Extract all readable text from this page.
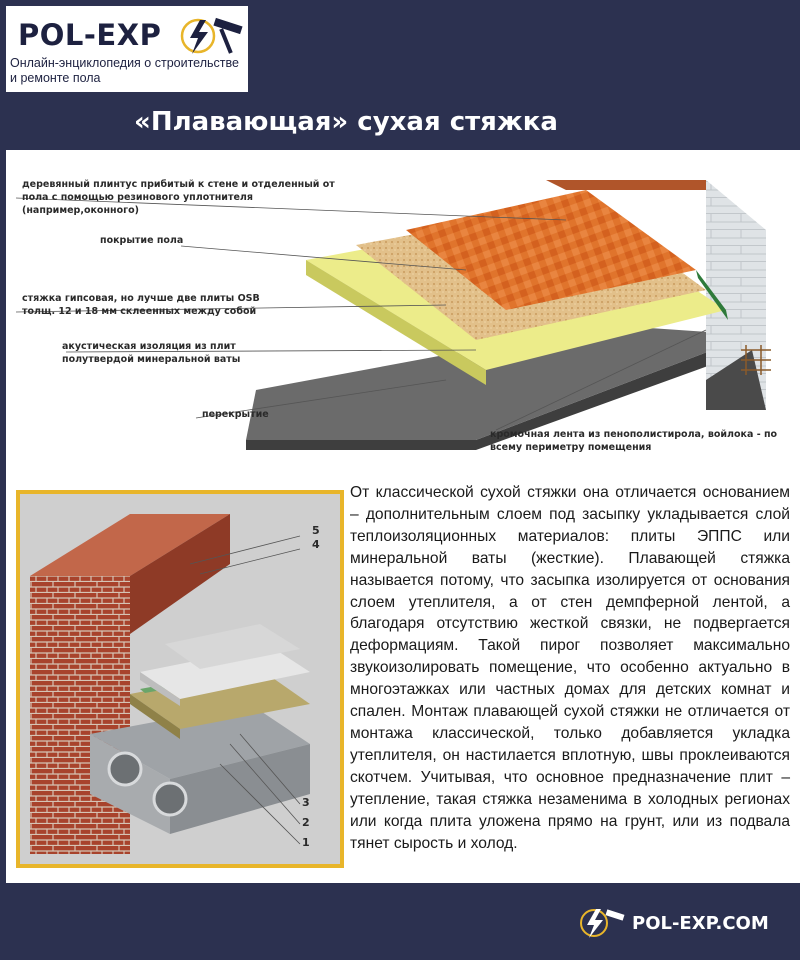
POL-EXP
Онлайн-энциклопедия о строительстве и ремонте пола
«Плавающая» сухая стяжка
деревянный плинтус прибитый к стене и отделенный от пола с помощью резинового уплотнителя (например,оконного)
покрытие пола
стяжка гипсовая, но лучше две плиты OSB толщ. 12 и 18 мм склеенных между собой
акустическая изоляция из плит полутвердой минеральной ваты
перекрытие
кромочная лента из пенополистирола, войлока - по всему периметру помещения
5
4
3
2
1
От классической сухой стяжки она отличается основанием – дополнительным слоем под засыпку укладывается слой теплоизоляционных материалов: плиты ЭППС или минеральной ваты (жесткие). Плавающей стяжка называется потому, что засыпка изолируется от основания слоем утеплителя, а от стен демпферной лентой, а благодаря отсутствию жесткой связки, не подвергается деформациям. Такой пирог позволяет максимально звукоизолировать помещение, что особенно актуально в многоэтажках или частных домах для детских комнат и спален. Монтаж плавающей сухой стяжки не отличается от монтажа классической, только добавляется укладка утеплителя, он настилается вплотную, швы проклеиваются скотчем. Учитывая, что основное предназначение плит – утепление, такая стяжка незаменима в холодных регионах или когда плита уложена прямо на грунт, или из подвала тянет сырость и холод.
POL-EXP.COM
